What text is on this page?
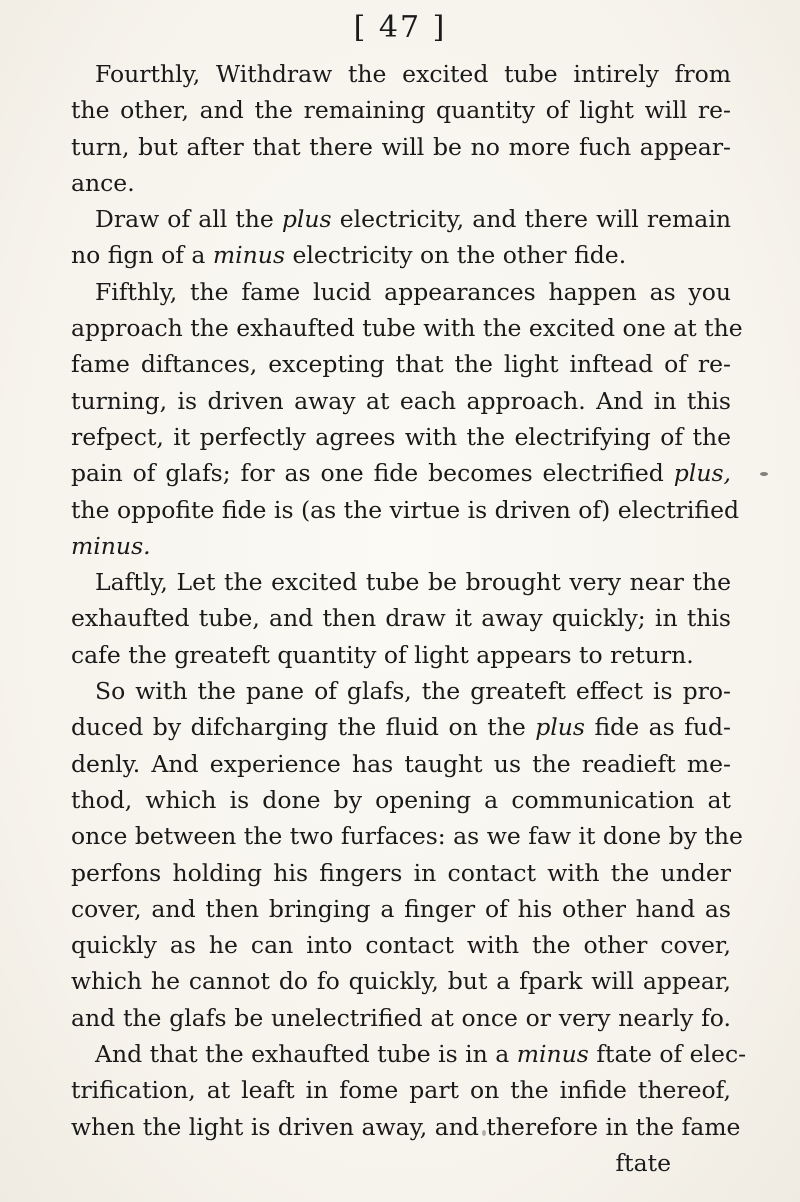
[ 47 ]
Fourthly, Withdraw the excited tube intirely from
the other, and the remaining quantity of light will re-
turn, but after that there will be no more fuch appear-
ance.
Draw of all the plus electricity, and there will remain
no fign of a minus electricity on the other fide.
Fifthly, the fame lucid appearances happen as you
approach the exhaufted tube with the excited one at the
fame diftances, excepting that the light inftead of re-
turning, is driven away at each approach. And in this
refpect, it perfectly agrees with the electrifying of the
pain of glafs; for as one fide becomes electrified plus,
the oppofite fide is (as the virtue is driven of) electrified
minus.
Laftly, Let the excited tube be brought very near the
exhaufted tube, and then draw it away quickly; in this
cafe the greateft quantity of light appears to return.
So with the pane of glafs, the greateft effect is pro-
duced by difcharging the fluid on the plus fide as fud-
denly. And experience has taught us the readieft me-
thod, which is done by opening a communication at
once between the two furfaces: as we faw it done by the
perfons holding his fingers in contact with the under
cover, and then bringing a finger of his other hand as
quickly as he can into contact with the other cover,
which he cannot do fo quickly, but a fpark will appear,
and the glafs be unelectrified at once or very nearly fo.
And that the exhaufted tube is in a minus ftate of elec-
trification, at leaft in fome part on the infide thereof,
when the light is driven away, and therefore in the fame
ftate
